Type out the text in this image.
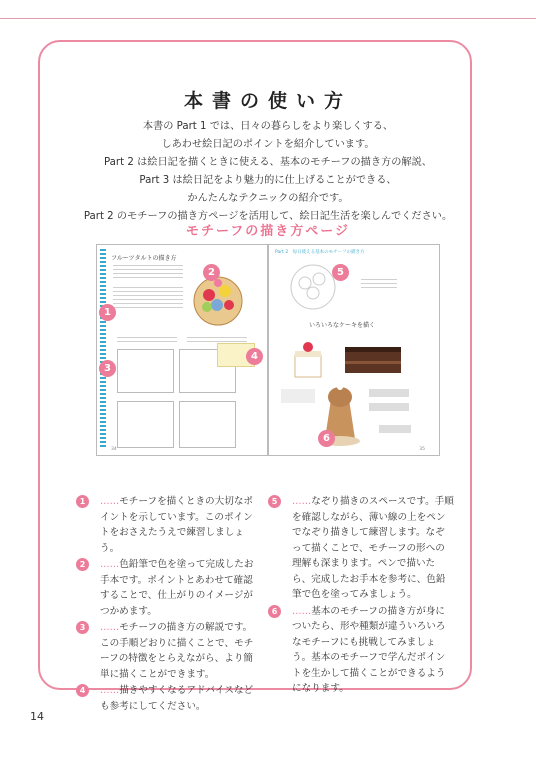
本書の使い方
本書の Part 1 では、日々の暮らしをより楽しくする、
しあわせ絵日記のポイントを紹介しています。
Part 2 は絵日記を描くときに使える、基本のモチーフの描き方の解説、
Part 3 は絵日記をより魅力的に仕上げることができる、
かんたんなテクニックの紹介です。
Part 2 のモチーフの描き方ページを活用して、絵日記生活を楽しんでください。
モチーフの描き方ページ
フルーツタルトの描き方
34
Part 2　毎日使える基本のモチーフの描き方
いろいろなケーキを描く
35
1
2
3
4
5
6
1	……モチーフを描くときの大切なポイントを示しています。このポイントをおさえたうえで練習しましょう。
2	……色鉛筆で色を塗って完成したお手本です。ポイントとあわせて確認することで、仕上がりのイメージがつかめます。
3	……モチーフの描き方の解説です。この手順どおりに描くことで、モチーフの特徴をとらえながら、より簡単に描くことができます。
4	……描きやすくなるアドバイスなども参考にしてください。
5	……なぞり描きのスペースです。手順を確認しながら、薄い線の上をペンでなぞり描きして練習します。なぞって描くことで、モチーフの形への理解も深まります。ペンで描いたら、完成したお手本を参考に、色鉛筆で色を塗ってみましょう。
6	……基本のモチーフの描き方が身についたら、形や種類が違ういろいろなモチーフにも挑戦してみましょう。基本のモチーフで学んだポイントを生かして描くことができるようになります。
14
